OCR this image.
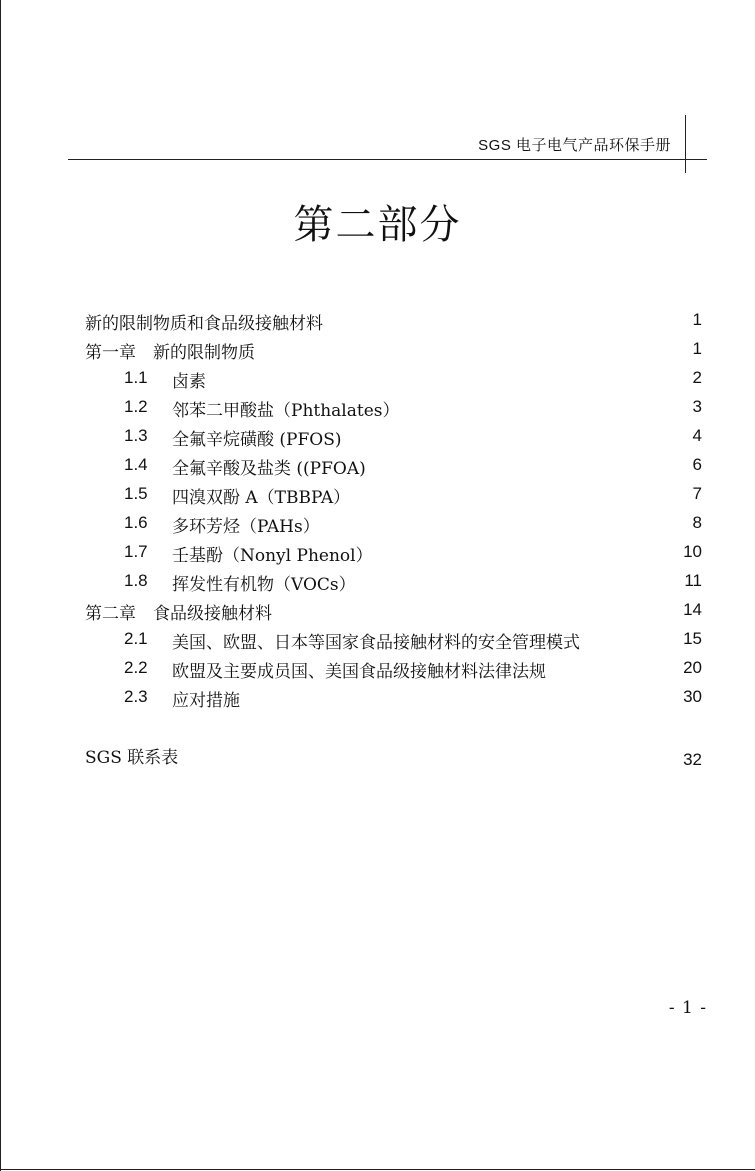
SGS 电子电气产品环保手册
第二部分
新的限制物质和食品级接触材料	1
第一章　新的限制物质	1
1.1 卤素	2
1.2 邻苯二甲酸盐（Phthalates）	3
1.3 全氟辛烷磺酸 (PFOS)	4
1.4 全氟辛酸及盐类 ((PFOA)	6
1.5 四溴双酚 A（TBBPA）	7
1.6 多环芳烃（PAHs）	8
1.7 壬基酚（Nonyl Phenol）	10
1.8 挥发性有机物（VOCs）	11
第二章　食品级接触材料	14
2.1 美国、欧盟、日本等国家食品接触材料的安全管理模式	15
2.2 欧盟及主要成员国、美国食品级接触材料法律法规	20
2.3 应对措施	30
SGS 联系表	32
- 1 -
